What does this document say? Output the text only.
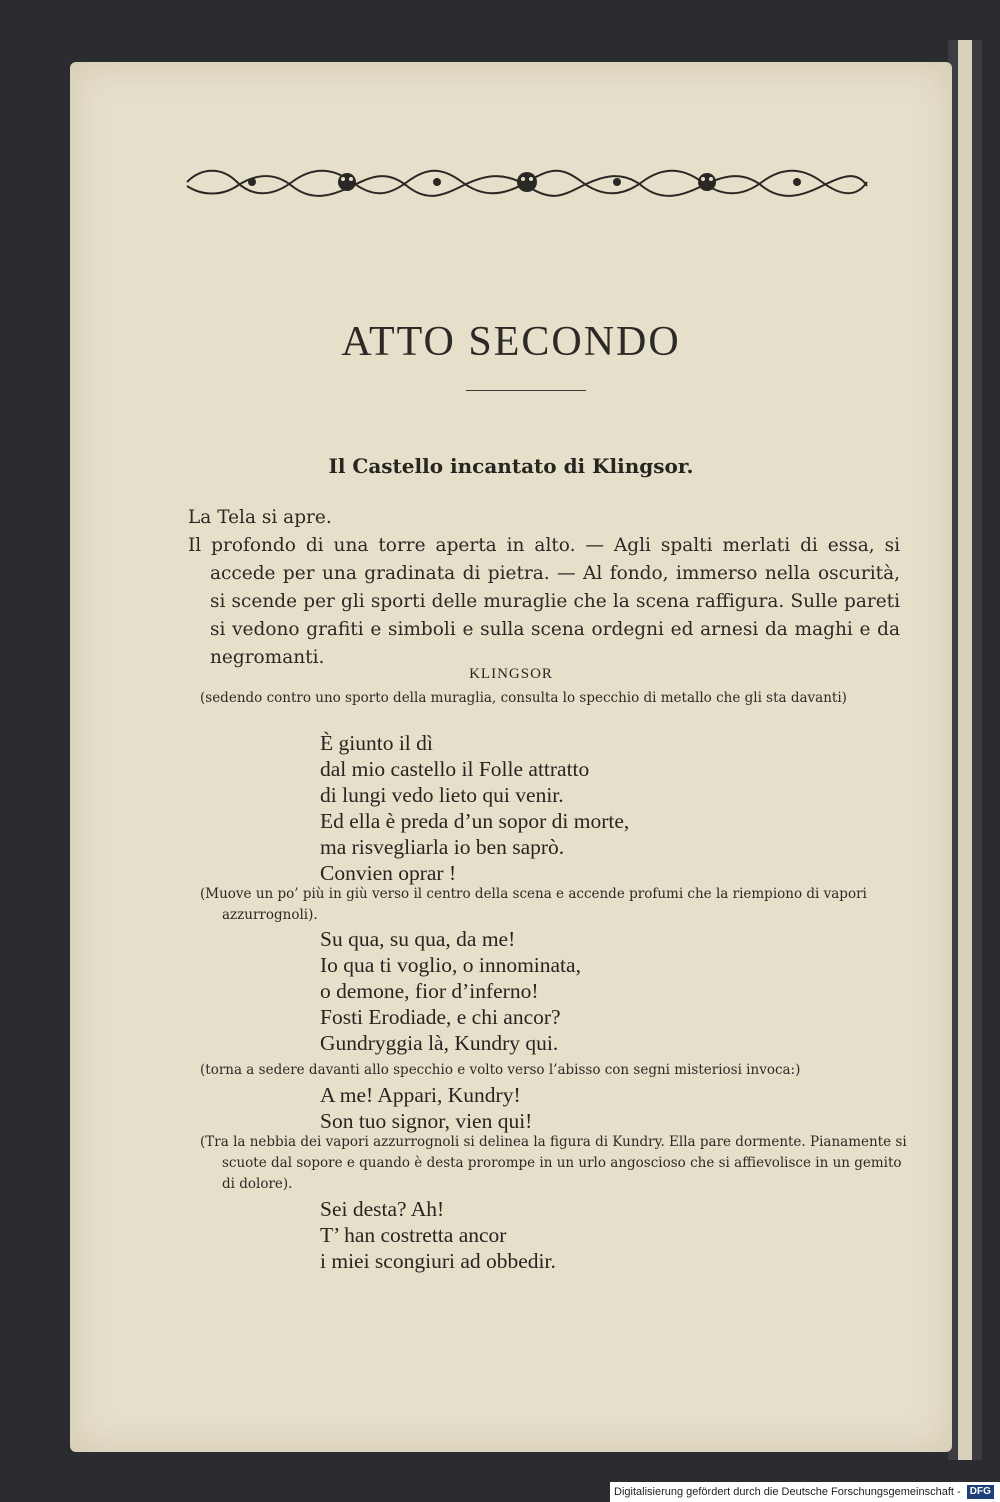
ATTO SECONDO
Il Castello incantato di Klingsor.
La Tela si apre.
Il profondo di una torre aperta in alto. — Agli spalti merlati di essa, si accede per una gradinata di pietra. — Al fondo, immerso nella oscurità, si scende per gli sporti delle muraglie che la scena raffigura. Sulle pareti si vedono grafiti e simboli e sulla scena ordegni ed arnesi da maghi e da negromanti.
KLINGSOR
(sedendo contro uno sporto della muraglia, consulta lo specchio di metallo che gli sta davanti)
È giunto il dì
dal mio castello il Folle attratto
di lungi vedo lieto qui venir.
Ed ella è preda d’un sopor di morte,
ma risvegliarla io ben saprò.
Convien oprar !
(Muove un po’ più in giù verso il centro della scena e accende profumi che la riempiono di vapori azzurrognoli).
Su qua, su qua, da me!
Io qua ti voglio, o innominata,
o demone, fior d’inferno!
Fosti Erodiade, e chi ancor?
Gundryggia là, Kundry qui.
(torna a sedere davanti allo specchio e volto verso l’abisso con segni misteriosi invoca:)
A me! Appari, Kundry!
Son tuo signor, vien qui!
(Tra la nebbia dei vapori azzurrognoli si delinea la figura di Kundry. Ella pare dormente. Pianamente si scuote dal sopore e quando è desta prorompe in un urlo angoscioso che si affievolisce in un gemito di dolore).
Sei desta? Ah!
T’ han costretta ancor
i miei scongiuri ad obbedir.
Digitalisierung gefördert durch die Deutsche Forschungsgemeinschaft - DFG
